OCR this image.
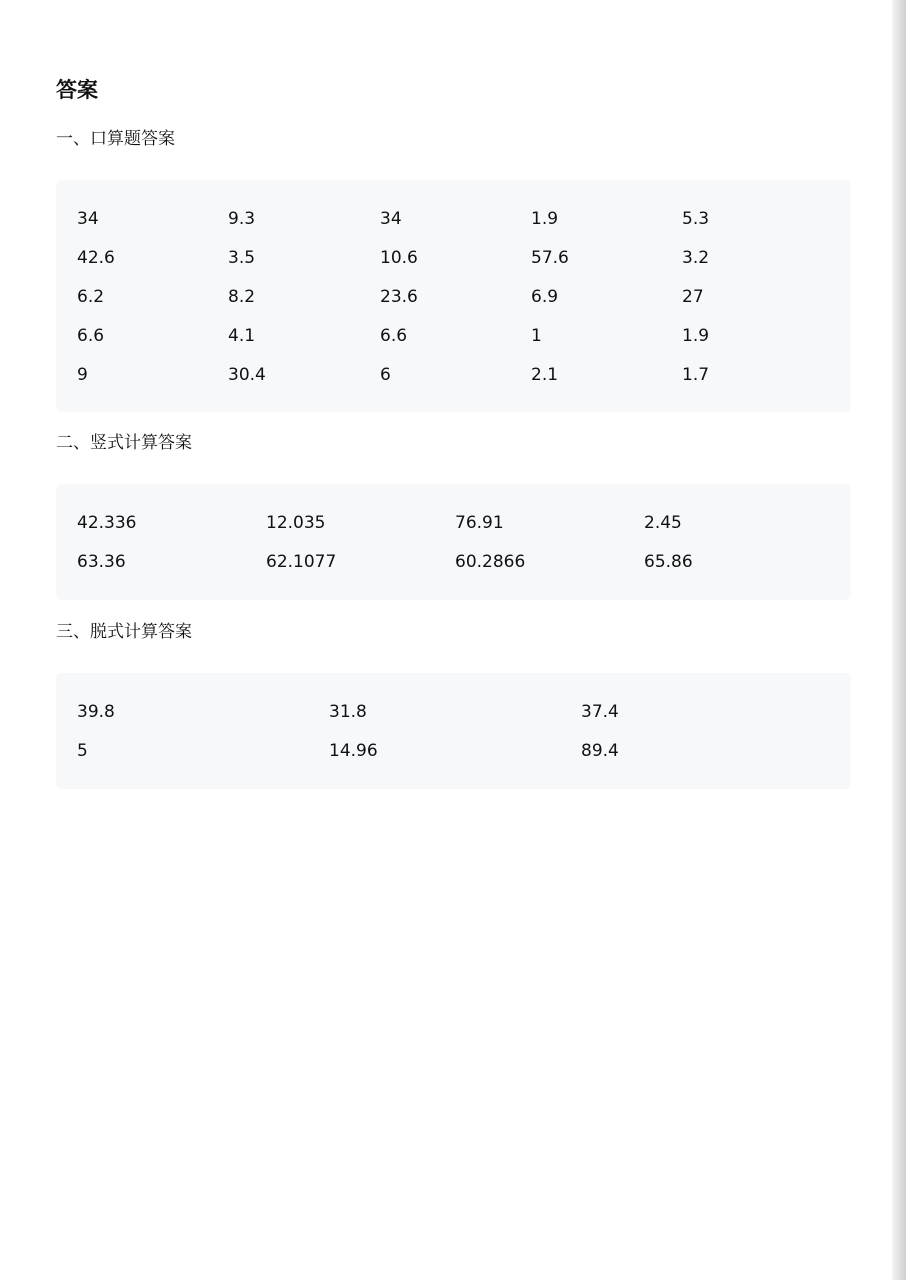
答案
一、口算题答案
34	9.3	34	1.9	5.3
42.6	3.5	10.6	57.6	3.2
6.2	8.2	23.6	6.9	27
6.6	4.1	6.6	1	1.9
9	30.4	6	2.1	1.7
二、竖式计算答案
42.336	12.035	76.91	2.45
63.36	62.1077	60.2866	65.86
三、脱式计算答案
39.8	31.8	37.4
5	14.96	89.4
